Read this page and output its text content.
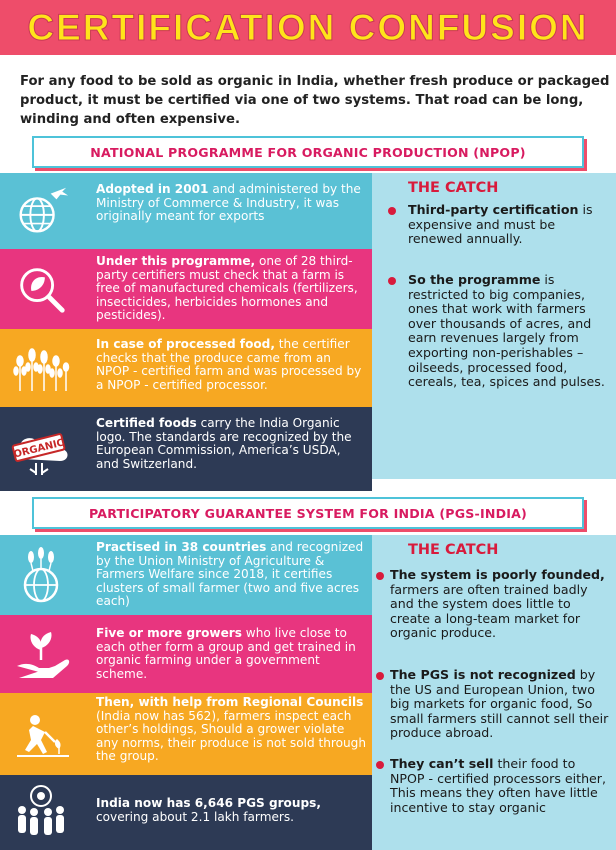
CERTIFICATION CONFUSION
For any food to be sold as organic in India, whether fresh produce or packaged product, it must be certified via one of two systems. That road can be long, winding and often expensive.
NATIONAL PROGRAMME FOR ORGANIC PRODUCTION (NPOP)
THE CATCH
Third-party certification is expensive and must be renewed annually.
So the programme is restricted to big companies, ones that work with farmers over thousands of acres, and earn revenues largely from exporting non-perishables – oilseeds, processed food, cereals, tea, spices and pulses.
Adopted in 2001 and administered by the Ministry of Commerce & Industry, it was originally meant for exports
Under this programme, one of 28 third-party certifiers must check that a farm is free of manufactured chemicals (fertilizers, insecticides, herbicides hormones and pesticides).
In case of processed food, the certifier checks that the produce came from an NPOP - certified farm and was processed by a NPOP - certified processor.
ORGANIC
Certified foods carry the India Organic logo. The standards are recognized by the European Commission, America’s USDA, and Switzerland.
PARTICIPATORY GUARANTEE SYSTEM FOR INDIA (PGS-INDIA)
THE CATCH
The system is poorly founded, farmers are often trained badly and the system does little to create a long-team market for organic produce.
The PGS is not recognized by the US and European Union, two big markets for organic food, So small farmers still cannot sell their produce abroad.
They can’t sell their food to NPOP - certified processors either, This means they often have little incentive to stay organic
Practised in 38 countries and recognized by the Union Ministry of Agriculture & Farmers Welfare since 2018, it certifies clusters of small farmer (two and five acres each)
Five or more growers who live close to each other form a group and get trained in organic farming under a government scheme.
Then, with help from Regional Councils (India now has 562), farmers inspect each other’s holdings, Should a grower violate any norms, their produce is not sold through the group.
India now has 6,646 PGS groups, covering about 2.1 lakh farmers.
